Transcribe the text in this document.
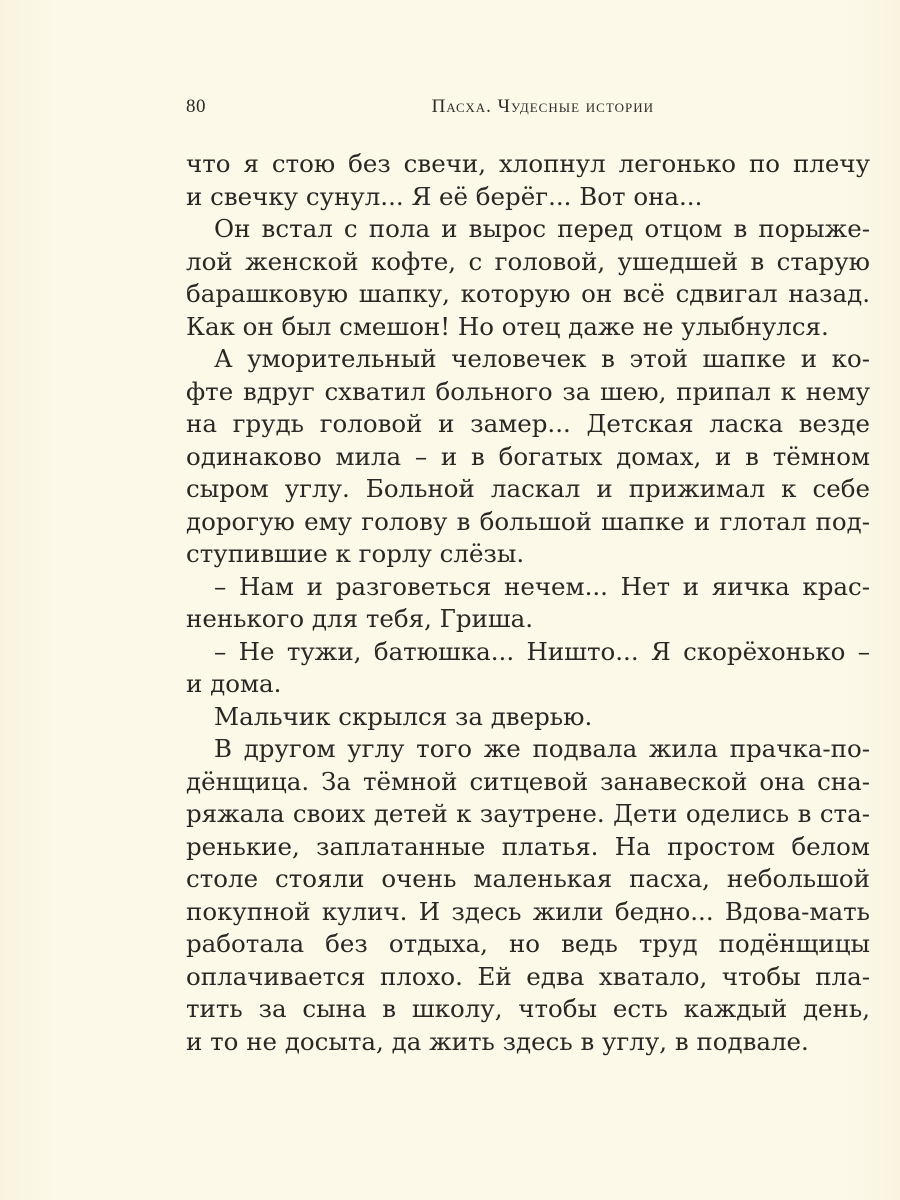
80	Пасха. Чудесные истории
что я стою без свечи, хлопнул легонько по плечу
и свечку сунул... Я её берёг... Вот она...
Он встал с пола и вырос перед отцом в порыже-
лой женской кофте, с головой, ушедшей в старую
барашковую шапку, которую он всё сдвигал назад.
Как он был смешон! Но отец даже не улыбнулся.
А уморительный человечек в этой шапке и ко-
фте вдруг схватил больного за шею, припал к нему
на грудь головой и замер... Детская ласка везде
одинаково мила – и в богатых домах, и в тёмном
сыром углу. Больной ласкал и прижимал к себе
дорогую ему голову в большой шапке и глотал под-
ступившие к горлу слёзы.
– Нам и разговеться нечем... Нет и яичка крас-
ненького для тебя, Гриша.
– Не тужи, батюшка... Ништо... Я скорёхонько –
и дома.
Мальчик скрылся за дверью.
В другом углу того же подвала жила прачка-по-
дёнщица. За тёмной ситцевой занавеской она сна-
ряжала своих детей к заутрене. Дети оделись в ста-
ренькие, заплатанные платья. На простом белом
столе стояли очень маленькая пасха, небольшой
покупной кулич. И здесь жили бедно... Вдова-мать
работала без отдыха, но ведь труд подёнщицы
оплачивается плохо. Ей едва хватало, чтобы пла-
тить за сына в школу, чтобы есть каждый день,
и то не досыта, да жить здесь в углу, в подвале.
